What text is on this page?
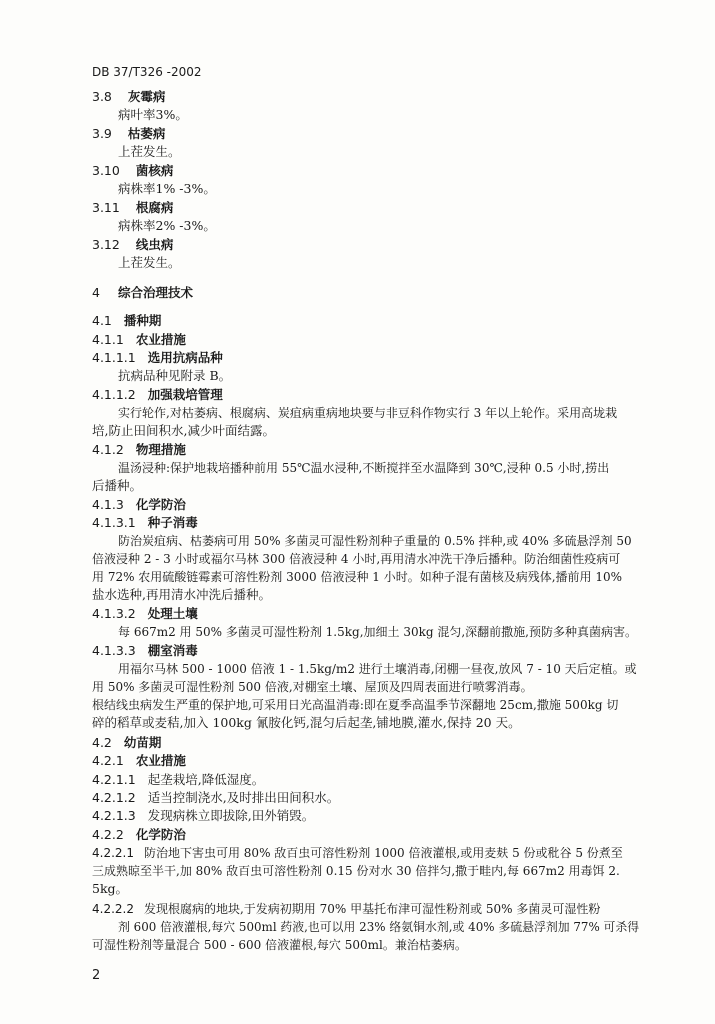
DB 37/T326 -2002
3.8 灰霉病
病叶率3%。
3.9 枯萎病
上茬发生。
3.10 菌核病
病株率1% -3%。
3.11 根腐病
病株率2% -3%。
3.12 线虫病
上茬发生。
4 综合治理技术
4.1 播种期
4.1.1 农业措施
4.1.1.1 选用抗病品种
抗病品种见附录 B。
4.1.1.2 加强栽培管理
实行轮作,对枯萎病、根腐病、炭疽病重病地块要与非豆科作物实行 3 年以上轮作。采用高垅栽
培,防止田间积水,减少叶面结露。
4.1.2 物理措施
温汤浸种:保护地栽培播种前用 55℃温水浸种,不断搅拌至水温降到 30℃,浸种 0.5 小时,捞出
后播种。
4.1.3 化学防治
4.1.3.1 种子消毒
防治炭疽病、枯萎病可用 50% 多菌灵可湿性粉剂种子重量的 0.5% 拌种,或 40% 多硫悬浮剂 50
倍液浸种 2 - 3 小时或福尔马林 300 倍液浸种 4 小时,再用清水冲洗干净后播种。防治细菌性疫病可
用 72% 农用硫酸链霉素可溶性粉剂 3000 倍液浸种 1 小时。如种子混有菌核及病残体,播前用 10%
盐水选种,再用清水冲洗后播种。
4.1.3.2 处理土壤
每 667m2 用 50% 多菌灵可湿性粉剂 1.5kg,加细土 30kg 混匀,深翻前撒施,预防多种真菌病害。
4.1.3.3 棚室消毒
用福尔马林 500 - 1000 倍液 1 - 1.5kg/m2 进行土壤消毒,闭棚一昼夜,放风 7 - 10 天后定植。或
用 50% 多菌灵可湿性粉剂 500 倍液,对棚室土壤、屋顶及四周表面进行喷雾消毒。
根结线虫病发生严重的保护地,可采用日光高温消毒:即在夏季高温季节深翻地 25cm,撒施 500kg 切
碎的稻草或麦秸,加入 100kg 氰胺化钙,混匀后起垄,铺地膜,灌水,保持 20 天。
4.2 幼苗期
4.2.1 农业措施
4.2.1.1 起垄栽培,降低湿度。
4.2.1.2 适当控制浇水,及时排出田间积水。
4.2.1.3 发现病株立即拔除,田外销毁。
4.2.2 化学防治
4.2.2.1 防治地下害虫可用 80% 敌百虫可溶性粉剂 1000 倍液灌根,或用麦麸 5 份或秕谷 5 份煮至
三成熟晾至半干,加 80% 敌百虫可溶性粉剂 0.15 份对水 30 倍拌匀,撒于畦内,每 667m2 用毒饵 2.
5kg。
4.2.2.2 发现根腐病的地块,于发病初期用 70% 甲基托布津可湿性粉剂或 50% 多菌灵可湿性粉
剂 600 倍液灌根,每穴 500ml 药液,也可以用 23% 络氨铜水剂,或 40% 多硫悬浮剂加 77% 可杀得
可湿性粉剂等量混合 500 - 600 倍液灌根,每穴 500ml。兼治枯萎病。
2
